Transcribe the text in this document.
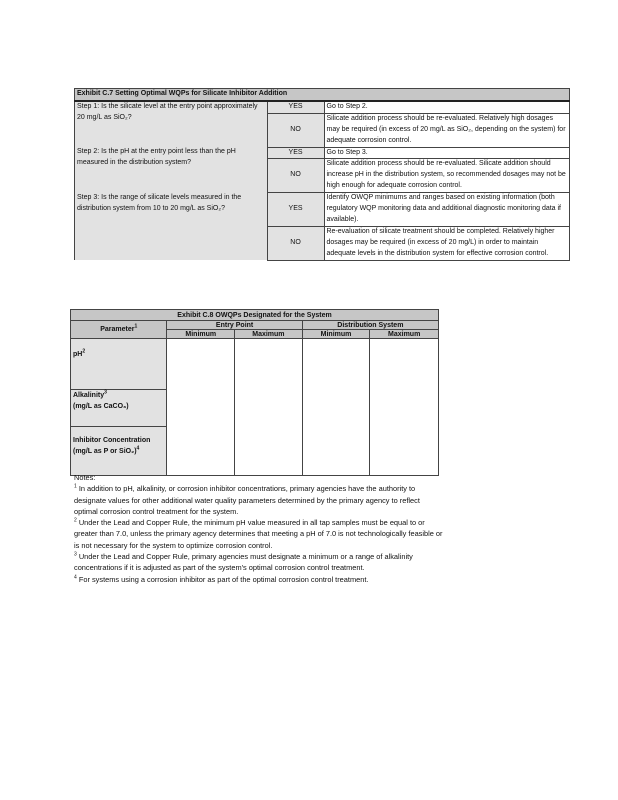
Exhibit C.7 Setting Optimal WQPs for Silicate Inhibitor Addition		
Step 1: Is the silicate level at the entry point approximately 20 mg/L as SiO₂?	YES	Go to Step 2.
	NO	Silicate addition process should be re-evaluated. Relatively high dosages may be required (in excess of 20 mg/L as SiO₂, depending on the system) for adequate corrosion control.
Step 2: Is the pH at the entry point less than the pH measured in the distribution system?	YES	Go to Step 3.
	NO	Silicate addition process should be re-evaluated. Silicate addition should increase pH in the distribution system, so recommended dosages may not be high enough for adequate corrosion control.
Step 3: Is the range of silicate levels measured in the distribution system from 10 to 20 mg/L as SiO₂?	YES	Identify OWQP minimums and ranges based on existing information (both regulatory WQP monitoring data and additional diagnostic monitoring data if available).
	NO	Re-evaluation of silicate treatment should be completed. Relatively higher dosages may be required (in excess of 20 mg/L) in order to maintain adequate levels in the distribution system for effective corrosion control.
Exhibit C.8 OWQPs Designated for the System				
Parameter$^1$	Entry Point		Distribution System	
	Minimum	Maximum	Minimum	Maximum
$pH^2$				
Alkalinity$^3$
(mg/L as CaCO₃)				
Inhibitor Concentration
(mg/L as P or SiO₂)$^4$

Notes:

$^1$ In addition to pH, alkalinity, or corrosion inhibitor concentrations, primary agencies have the authority to designate values for other additional water quality parameters determined by the primary agency to reflect optimal corrosion control treatment for the system.

$^2$ Under the Lead and Copper Rule, the minimum pH value measured in all tap samples must be equal to or greater than 7.0, unless the primary agency determines that meeting a pH of 7.0 is not technologically feasible or is not necessary for the system to optimize corrosion control.

$^3$ Under the Lead and Copper Rule, primary agencies must designate a minimum or a range of alkalinity concentrations if it is adjusted as part of the system's optimal corrosion control treatment.

$^4$ For systems using a corrosion inhibitor as part of the optimal corrosion control treatment.
